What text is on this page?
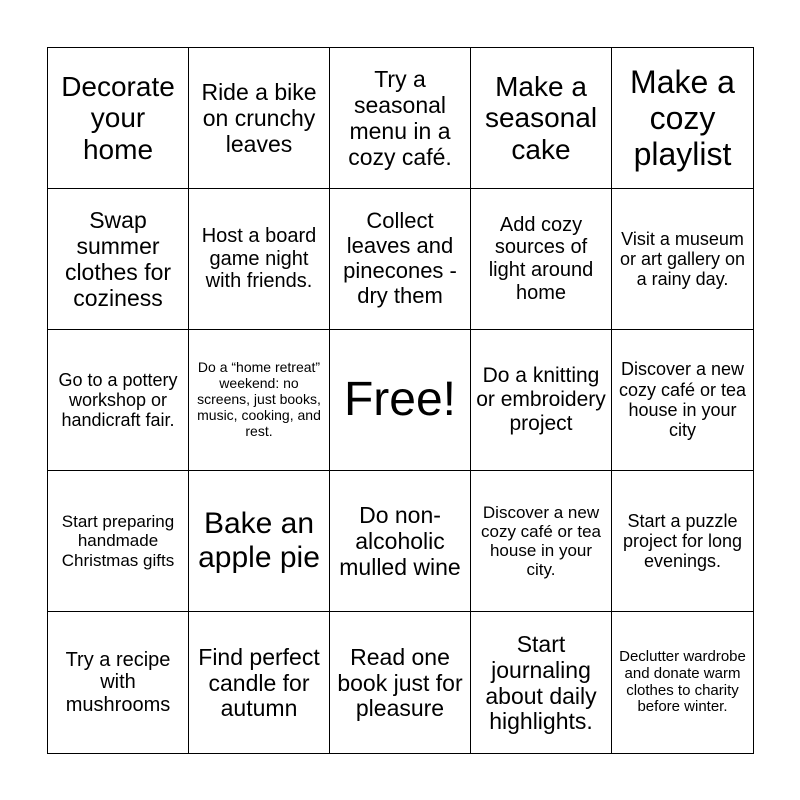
Decorate your home
Ride a bike on crunchy leaves
Try a seasonal menu in a cozy café.
Make a seasonal cake
Make a cozy playlist
Swap summer clothes for coziness
Host a board game night with friends.
Collect leaves and pinecones - dry them
Add cozy sources of light around home
Visit a museum or art gallery on a rainy day.
Go to a pottery workshop or handicraft fair.
Do a “home retreat” weekend: no screens, just books, music, cooking, and rest.
Free!	Do a knitting or embroidery project
Discover a new cozy café or tea house in your city
Start preparing handmade Christmas gifts
Bake an apple pie
Do non-alcoholic mulled wine
Discover a new cozy café or tea house in your city.
Start a puzzle project for long evenings.
Try a recipe with mushrooms
Find perfect candle for autumn
Read one book just for pleasure
Start journaling about daily highlights.
Declutter wardrobe and donate warm clothes to charity before winter.
